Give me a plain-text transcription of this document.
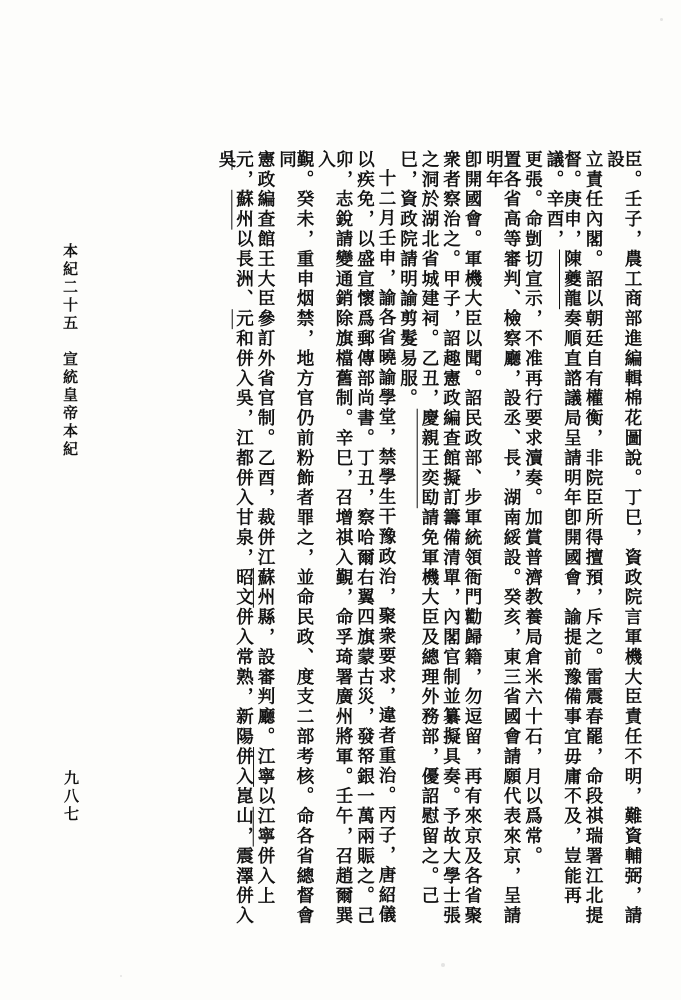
臣。壬子，農工商部進編輯棉花圖說。丁巳，資政院言軍機大臣責任不明，難資輔弼，請設
立責任內閣。詔以朝廷自有權衡，非院臣所得擅預，斥之。雷震春罷，命段祺瑞署江北提
督。庚申，陳夔龍奏順直諮議局呈請明年卽開國會，諭提前豫備事宜毋庸不及，豈能再議。辛酉，
更張。命剴切宣示，不准再行要求瀆奏。加賞普濟教養局倉米六十石，月以爲常。
置各省高等審判、檢察廳，設丞、長，湖南綏設。癸亥，東三省國會請願代表來京，呈請明年
卽開國會。軍機大臣以聞。詔民政部、步軍統領衙門勸歸籍，勿逗留，再有來京及各省聚
衆者察治之。甲子，詔趣憲政編查館擬訂籌備清單，內閣官制並纂擬具奏。予故大學士張
之洞於湖北省城建祠。乙丑，慶親王奕劻請免軍機大臣及總理外務部，優詔慰留之。己
巳，資政院請明諭剪髮易服。
十二月壬申，諭各省曉諭學堂，禁學生干豫政治，聚衆要求，違者重治。丙子，唐紹儀
以疾免，以盛宣懷爲郵傳部尚書。丁丑，察哈爾右翼四旗蒙古災，發帑銀一萬兩賑之。己
卯，志銳請變通銷除旗檔舊制。辛巳，召增祺入覲，命孚琦署廣州將軍。壬午，召趙爾巽入
覲。癸未，重申烟禁，地方官仍前粉飾者罪之，並命民政、度支二部考核。命各省總督會同
憲政編查館王大臣參訂外省官制。乙酉，裁併江蘇州縣，設審判廳。江寧以江寧併入上
元，蘇州以長洲、元和併入吳，江都併入甘泉，昭文併入常熟，新陽併入崑山，震澤併入吳
本紀二十五　宣統皇帝本紀
九八七
